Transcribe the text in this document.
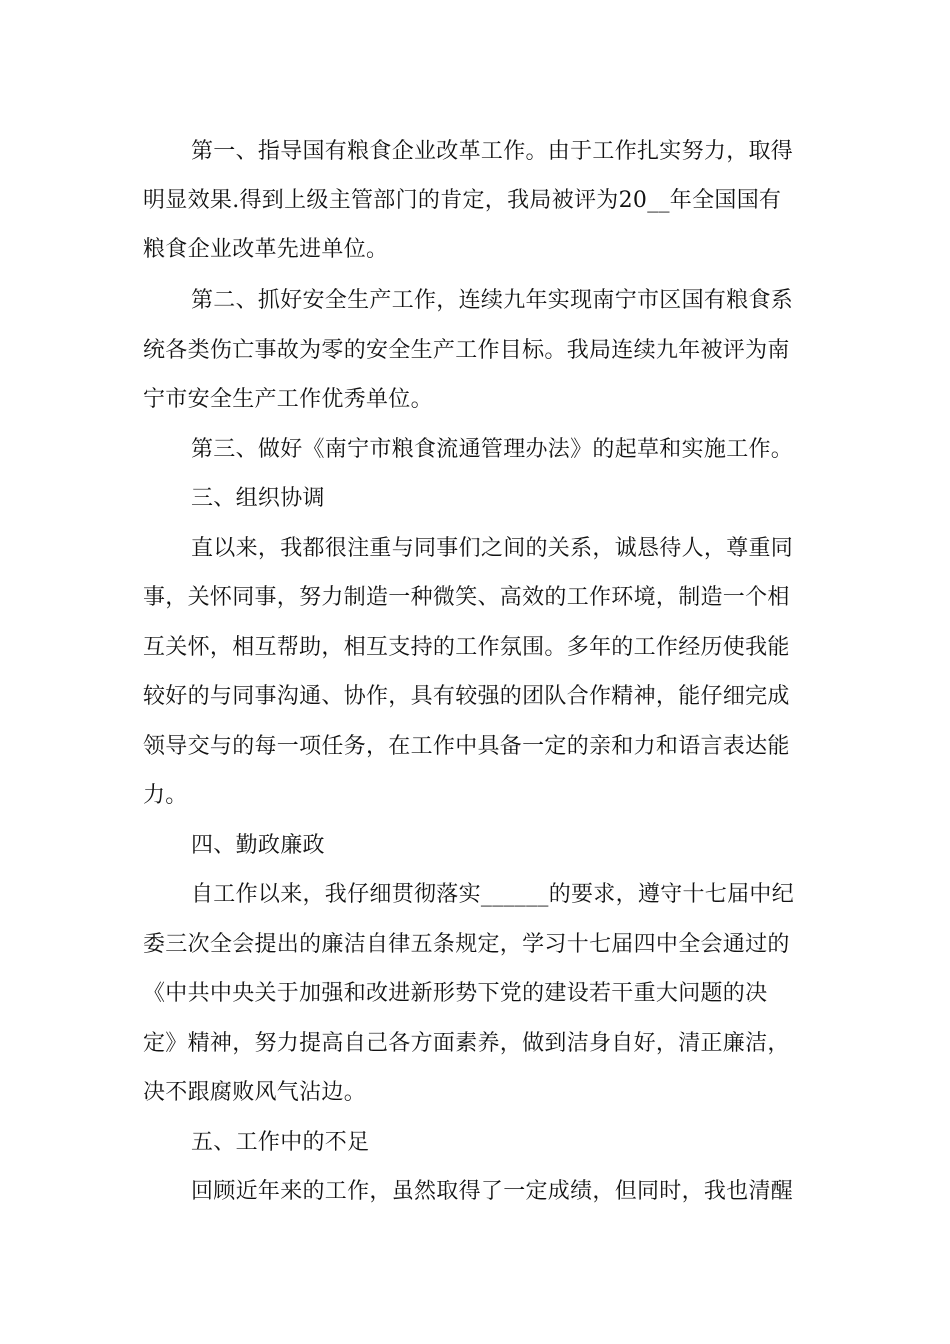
第一、指导国有粮食企业改革工作。由于工作扎实努力，取得
明显效果.得到上级主管部门的肯定，我局被评为20__年全国国有
粮食企业改革先进单位。
第二、抓好安全生产工作，连续九年实现南宁市区国有粮食系
统各类伤亡事故为零的安全生产工作目标。我局连续九年被评为南
宁市安全生产工作优秀单位。
第三、做好《南宁市粮食流通管理办法》的起草和实施工作。
三、组织协调
直以来，我都很注重与同事们之间的关系，诚恳待人，尊重同
事，关怀同事，努力制造一种微笑、高效的工作环境，制造一个相
互关怀，相互帮助，相互支持的工作氛围。多年的工作经历使我能
较好的与同事沟通、协作，具有较强的团队合作精神，能仔细完成
领导交与的每一项任务，在工作中具备一定的亲和力和语言表达能
力。
四、勤政廉政
自工作以来，我仔细贯彻落实______的要求，遵守十七届中纪
委三次全会提出的廉洁自律五条规定，学习十七届四中全会通过的
《中共中央关于加强和改进新形势下党的建设若干重大问题的决
定》精神，努力提高自己各方面素养，做到洁身自好，清正廉洁，
决不跟腐败风气沾边。
五、工作中的不足
回顾近年来的工作，虽然取得了一定成绩，但同时，我也清醒
